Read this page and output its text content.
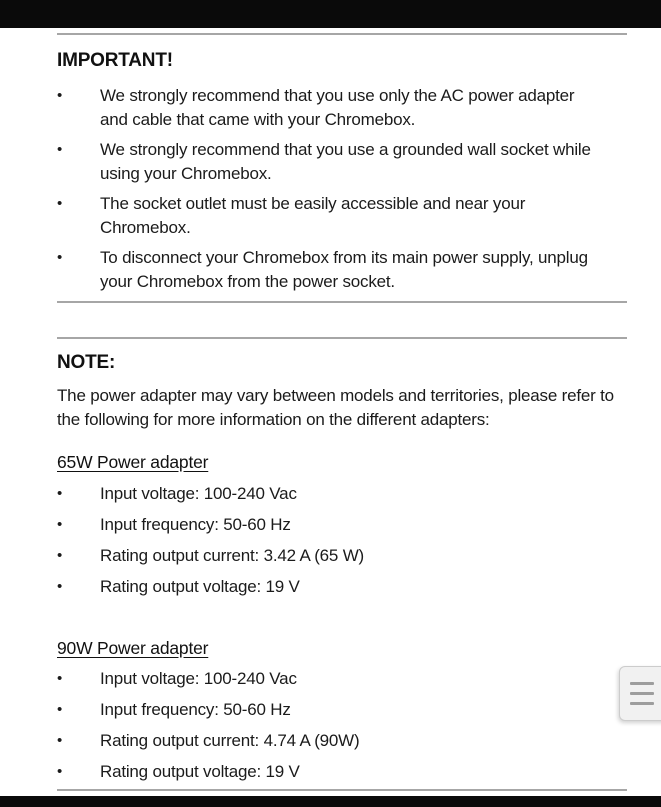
IMPORTANT!
•	We strongly recommend that you use only the AC power adapter and cable that came with your Chromebox.
•	We strongly recommend that you use a grounded wall socket while using your Chromebox.
•	The socket outlet must be easily accessible and near your Chromebox.
•	To disconnect your Chromebox from its main power supply, unplug your Chromebox from the power socket.
NOTE:
The power adapter may vary between models and territories, please refer to the following for more information on the different adapters:
65W Power adapter
•	Input voltage: 100-240 Vac
•	Input frequency: 50-60 Hz
•	Rating output current: 3.42 A (65 W)
•	Rating output voltage: 19 V
90W Power adapter
•	Input voltage: 100-240 Vac
•	Input frequency: 50-60 Hz
•	Rating output current: 4.74 A (90W)
•	Rating output voltage: 19 V
